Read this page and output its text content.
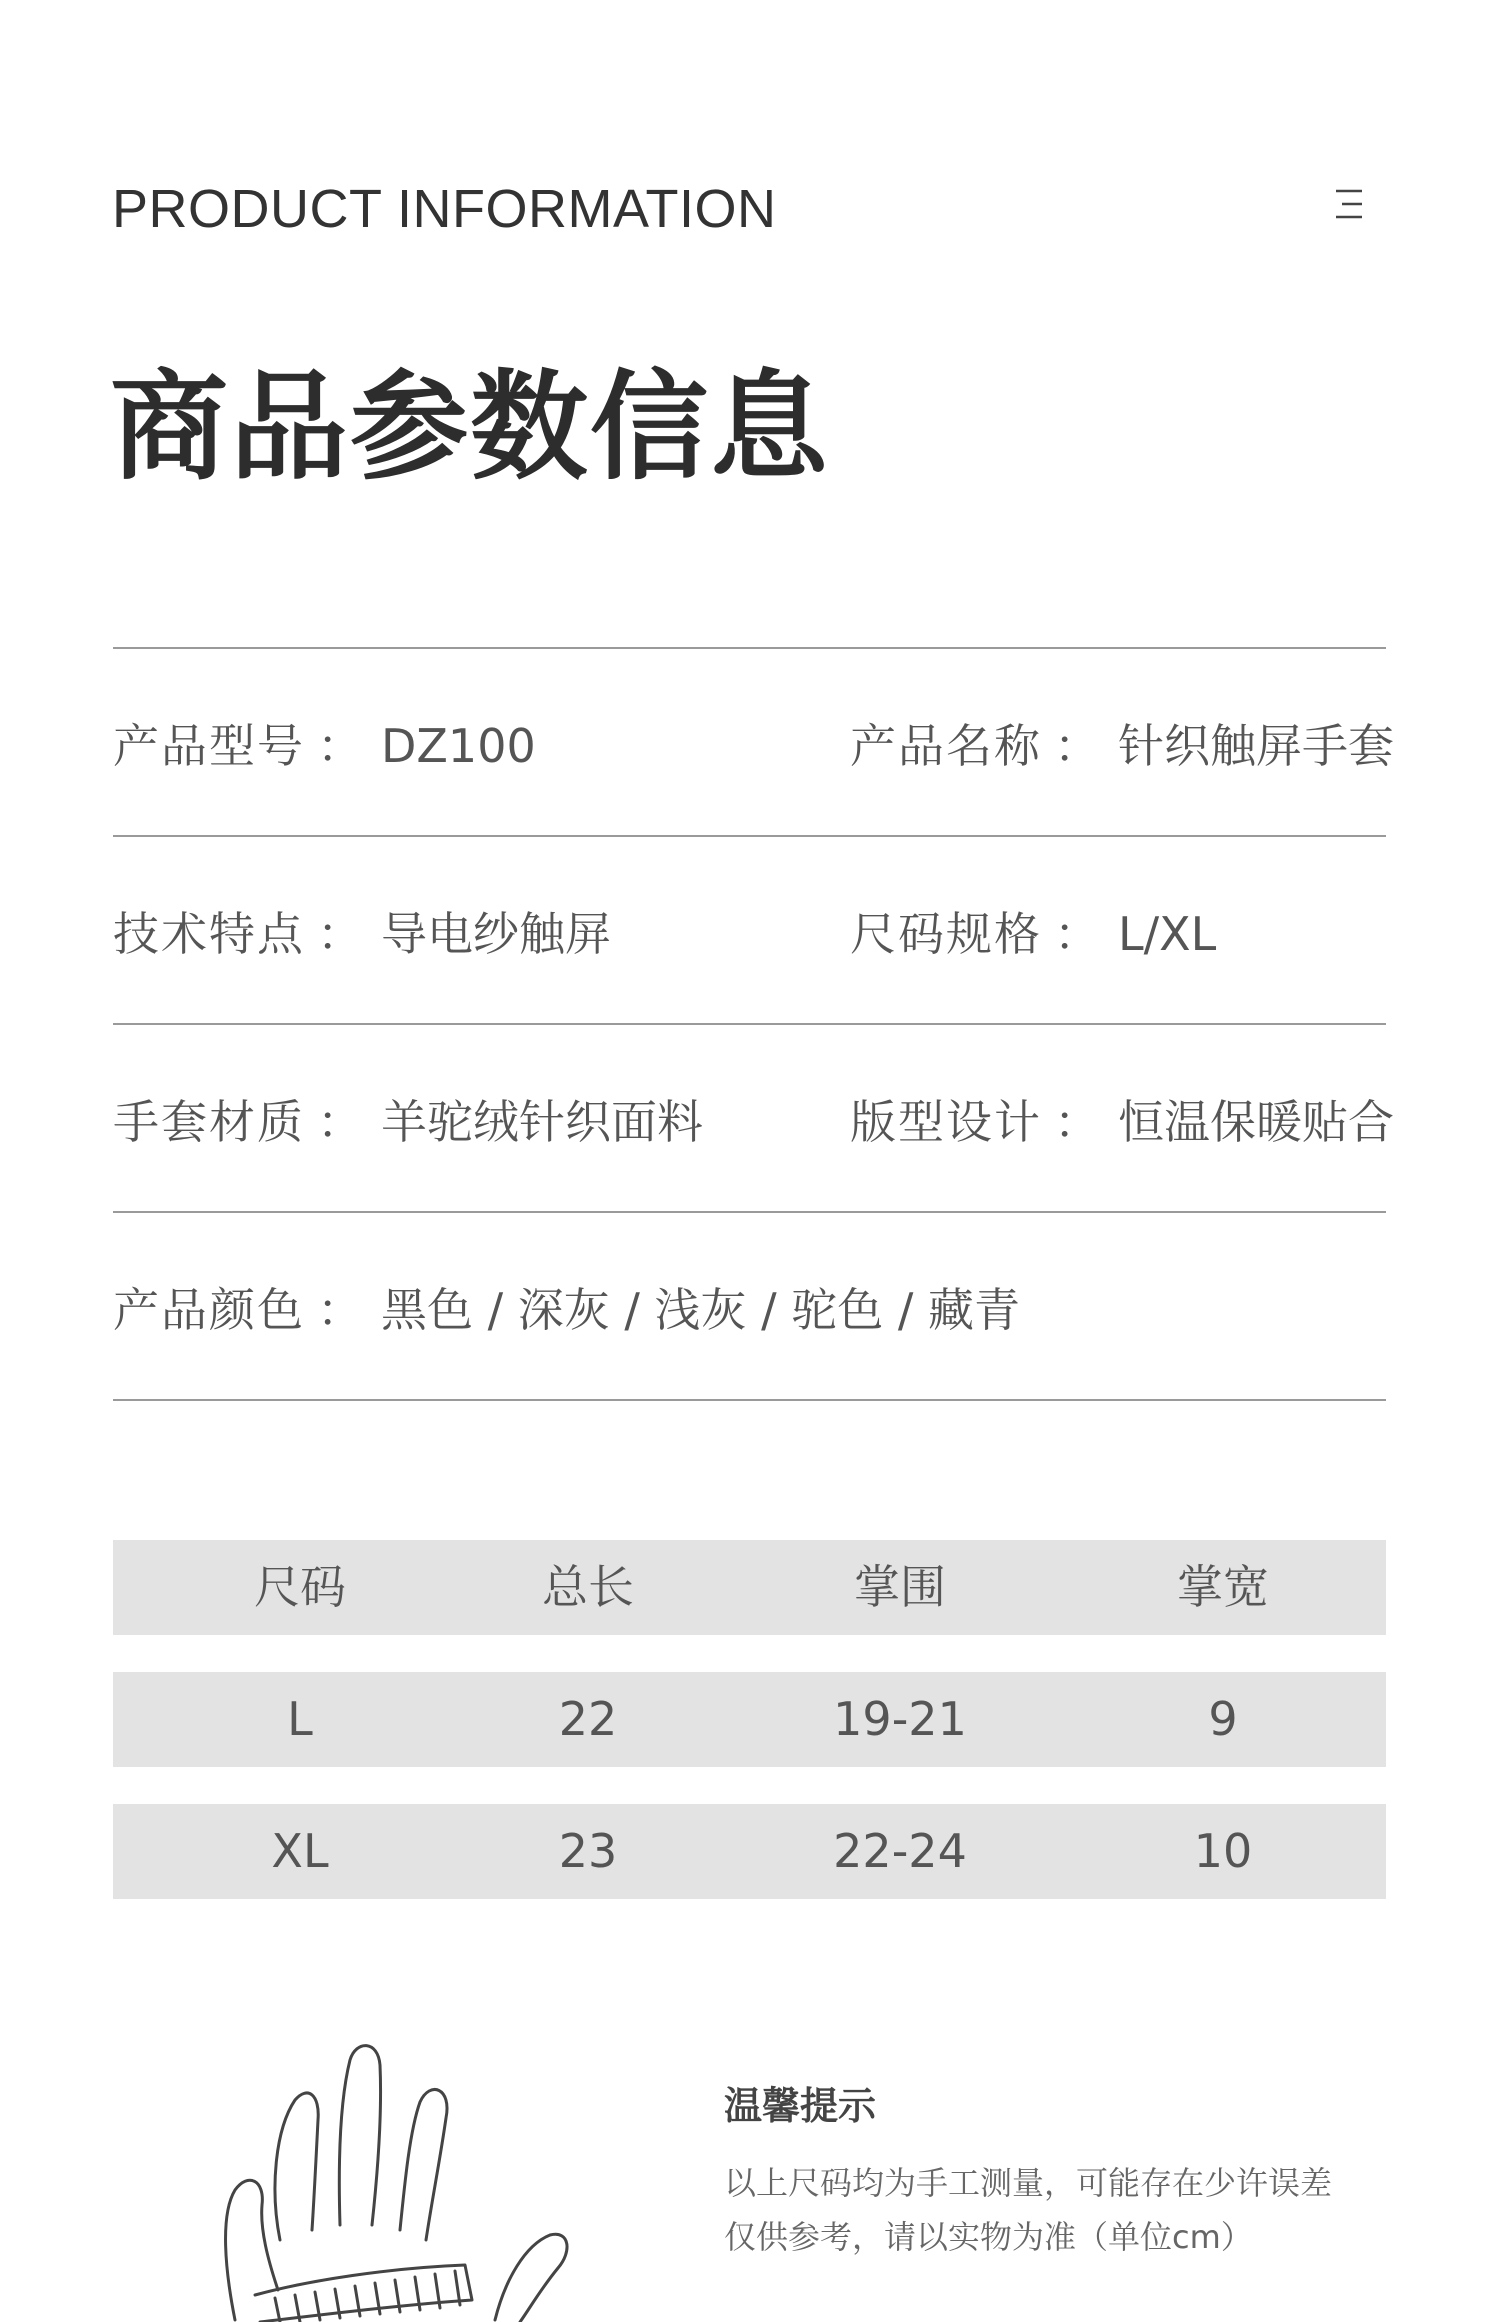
PRODUCT INFORMATION
商品参数信息
产品型号 ： DZ100	产品名称 ： 针织触屏手套
技术特点 ： 导电纱触屏	尺码规格 ： L/XL
手套材质 ： 羊驼绒针织面料	版型设计 ： 恒温保暖贴合
产品颜色 ： 黑色 / 深灰 / 浅灰 / 驼色 / 藏青
尺码	总长	掌围	掌宽
L	22	19-21	9
XL	23	22-24	10
温馨提示
以上尺码均为手工测量，可能存在少许误差
仅供参考，请以实物为准（单位cm）
